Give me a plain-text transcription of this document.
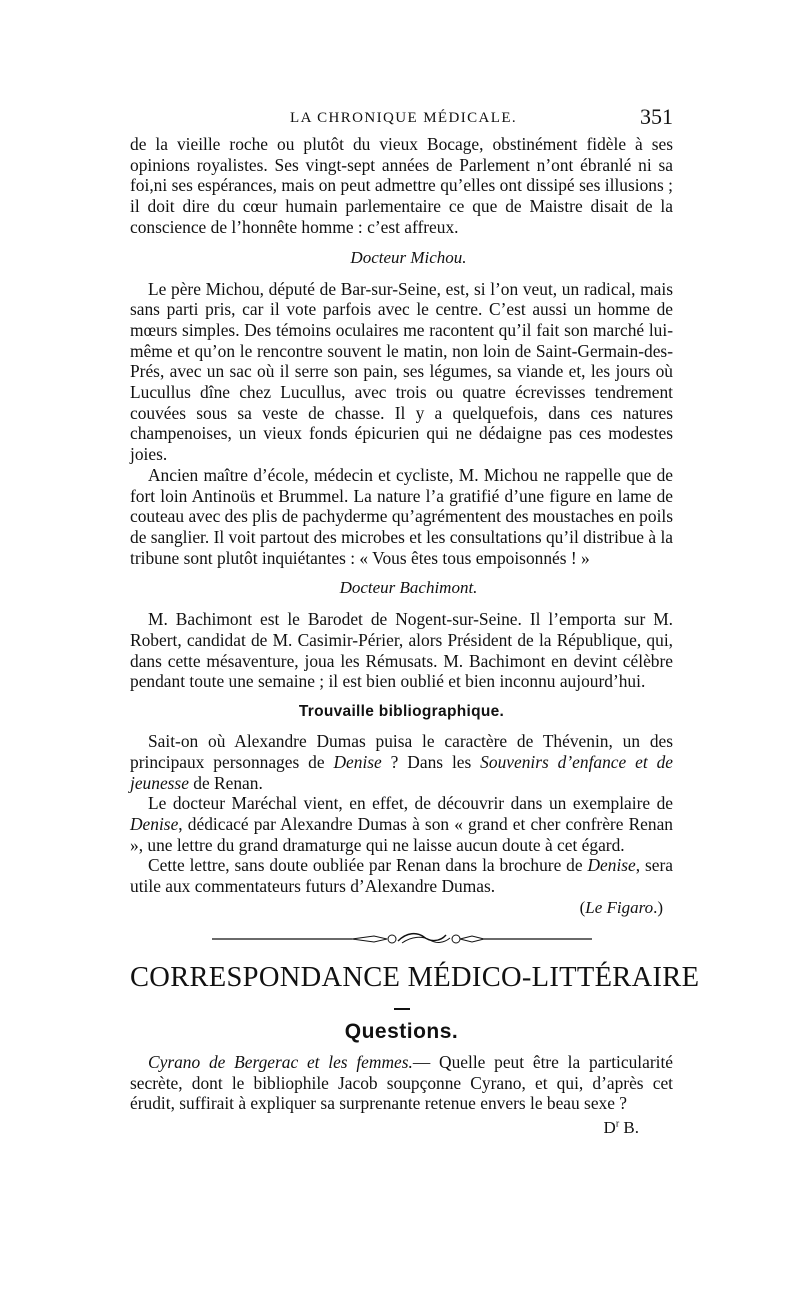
LA CHRONIQUE MÉDICALE.	351

de la vieille roche ou plutôt du vieux Bocage, obstinément fidèle à ses opinions royalistes. Ses vingt-sept années de Parlement n’ont ébranlé ni sa foi,ni ses espérances, mais on peut admettre qu’elles ont dissipé ses illusions ; il doit dire du cœur humain parlementaire ce que de Maistre disait de la conscience de l’honnête homme : c’est affreux.

Docteur Michou.

Le père Michou, député de Bar-sur-Seine, est, si l’on veut, un radical, mais sans parti pris, car il vote parfois avec le centre. C’est aussi un homme de mœurs simples. Des témoins oculaires me racontent qu’il fait son marché lui-même et qu’on le rencontre souvent le matin, non loin de Saint-Germain-des-Prés, avec un sac où il serre son pain, ses légumes, sa viande et, les jours où Lucullus dîne chez Lucullus, avec trois ou quatre écrevisses tendrement couvées sous sa veste de chasse. Il y a quelquefois, dans ces natures champenoises, un vieux fonds épicurien qui ne dédaigne pas ces modestes joies.

Ancien maître d’école, médecin et cycliste, M. Michou ne rappelle que de fort loin Antinoüs et Brummel. La nature l’a gratifié d’une figure en lame de couteau avec des plis de pachyderme qu’agrémentent des moustaches en poils de sanglier. Il voit partout des microbes et les consultations qu’il distribue à la tribune sont plutôt inquiétantes : « Vous êtes tous empoisonnés ! »

Docteur Bachimont.

M. Bachimont est le Barodet de Nogent-sur-Seine. Il l’emporta sur M. Robert, candidat de M. Casimir-Périer, alors Président de la République, qui, dans cette mésaventure, joua les Rémusats. M. Bachimont en devint célèbre pendant toute une semaine ; il est bien oublié et bien inconnu aujourd’hui.

Trouvaille bibliographique.

Sait-on où Alexandre Dumas puisa le caractère de Thévenin, un des principaux personnages de Denise ? Dans les Souvenirs d’enfance et de jeunesse de Renan.

Le docteur Maréchal vient, en effet, de découvrir dans un exemplaire de Denise, dédicacé par Alexandre Dumas à son « grand et cher confrère Renan », une lettre du grand dramaturge qui ne laisse aucun doute à cet égard.

Cette lettre, sans doute oubliée par Renan dans la brochure de Denise, sera utile aux commentateurs futurs d’Alexandre Dumas.

(Le Figaro.)
CORRESPONDANCE MÉDICO-LITTÉRAIRE
Questions.

Cyrano de Bergerac et les femmes.— Quelle peut être la particularité secrète, dont le bibliophile Jacob soupçonne Cyrano, et qui, d’après cet érudit, suffirait à expliquer sa surprenante retenue envers le beau sexe ?

$D^r$ B.
